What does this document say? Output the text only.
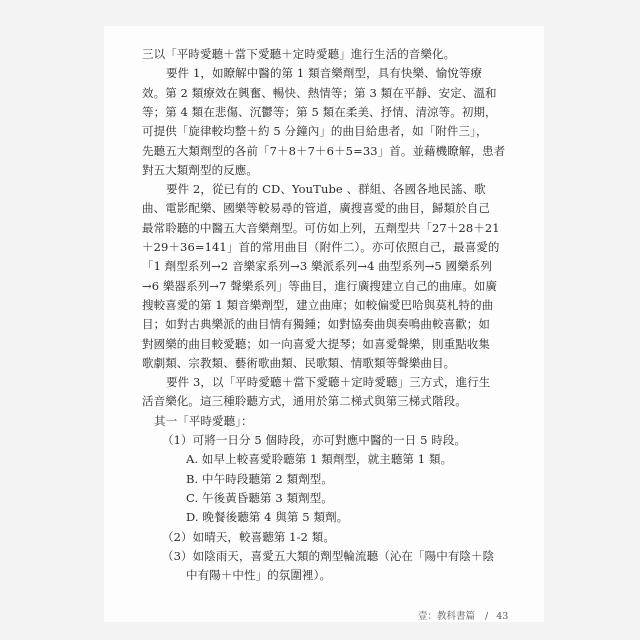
壹：教科書篇 / 43
三以「平時愛聽＋當下愛聽＋定時愛聽」進行生活的音樂化。
要件 1，如瞭解中醫的第 1 類音樂劑型，具有快樂、愉悅等療
效。第 2 類療效在興奮、暢快、熱情等；第 3 類在平靜、安定、溫和
等；第 4 類在悲傷、沉鬱等；第 5 類在柔美、抒情、清涼等。初期，
可提供「旋律較均整＋約 5 分鐘內」的曲目給患者，如「附件三」，
先聽五大類劑型的各前「7＋8＋7＋6＋5=33」首。並藉機瞭解，患者
對五大類劑型的反應。
要件 2，從已有的 CD、YouTube 、群組、各國各地民謠、歌
曲、電影配樂、國樂等較易尋的管道，廣搜喜愛的曲目，歸類於自己
最常聆聽的中醫五大音樂劑型。可仿如上列，五劑型共「27＋28＋21
＋29＋36=141」首的常用曲目（附件二）。亦可依照自己，最喜愛的
「1 劑型系列→2 音樂家系列→3 樂派系列→4 曲型系列→5 國樂系列
→6 樂器系列→7 聲樂系列」等曲目，進行廣搜建立自己的曲庫。如廣
搜較喜愛的第 1 類音樂劑型，建立曲庫；如較偏愛巴哈與莫札特的曲
目；如對古典樂派的曲目情有獨鍾；如對協奏曲與奏鳴曲較喜歡；如
對國樂的曲目較愛聽；如一向喜愛大提琴；如喜愛聲樂，則重點收集
歌劇類、宗教類、藝術歌曲類、民歌類、情歌類等聲樂曲目。
要件 3，以「平時愛聽＋當下愛聽＋定時愛聽」三方式，進行生
活音樂化。這三種聆聽方式，通用於第二梯式與第三梯式階段。
其一「平時愛聽」：
（1）可將一日分 5 個時段，亦可對應中醫的一日 5 時段。
A. 如早上較喜愛聆聽第 1 類劑型，就主聽第 1 類。
B. 中午時段聽第 2 類劑型。
C. 午後黃昏聽第 3 類劑型。
D. 晚餐後聽第 4 與第 5 類劑。
（2）如晴天，較喜聽第 1-2 類。
（3）如陰雨天，喜愛五大類的劑型輪流聽（沁在「陽中有陰＋陰
中有陽＋中性」的氛圍裡）。
